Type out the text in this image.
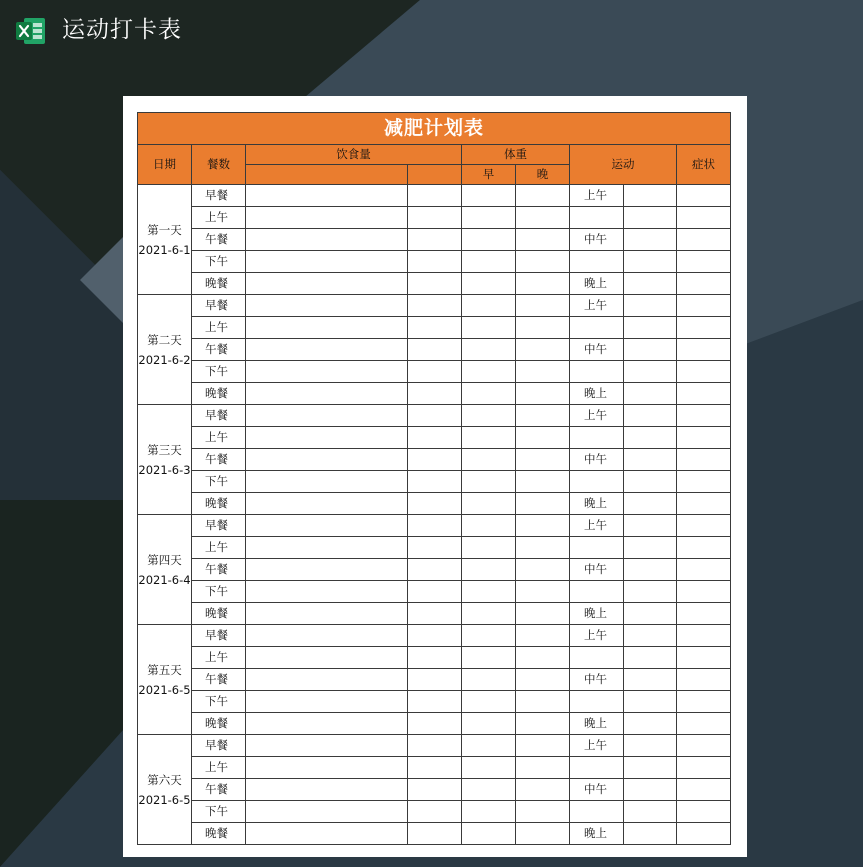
运动打卡表
减肥计划表									
日期	餐数	饮食量		体重		运动		症状	
				早	晚				

第一天
2021-6-1	早餐					上午			
	上午								
	午餐					中午			
	下午								
	晚餐					晚上			

第二天
2021-6-2	早餐					上午			
	上午								
	午餐					中午			
	下午								
	晚餐					晚上			

第三天
2021-6-3	早餐					上午			
	上午								
	午餐					中午			
	下午								
	晚餐					晚上			

第四天
2021-6-4	早餐					上午			
	上午								
	午餐					中午			
	下午								
	晚餐					晚上			

第五天
2021-6-5	早餐					上午			
	上午								
	午餐					中午			
	下午								
	晚餐					晚上			

第六天
2021-6-5	早餐					上午			
	上午								
	午餐					中午			
	下午								
	晚餐					晚上			
